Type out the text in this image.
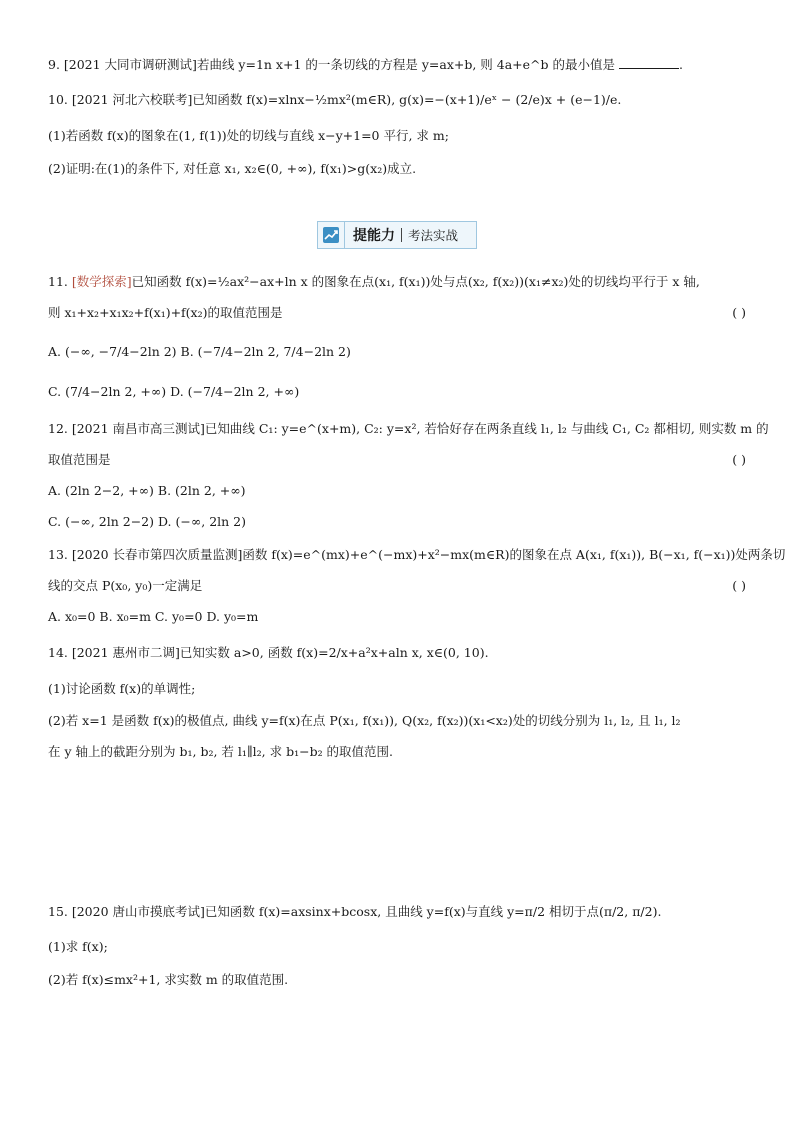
9. [2021 大同市调研测试]若曲线 y=1n x+1 的一条切线的方程是 y=ax+b, 则 4a+e^b 的最小值是	.
10. [2021 河北六校联考]已知函数 f(x)=xlnx−½mx²(m∈R), g(x)=−(x+1)/eˣ − (2/e)x + (e−1)/e.
(1)若函数 f(x)的图象在(1, f(1))处的切线与直线 x−y+1=0 平行, 求 m;
(2)证明:在(1)的条件下, 对任意 x₁, x₂∈(0, +∞), f(x₁)>g(x₂)成立.
提能力	考法实战
11. [数学探索]已知函数 f(x)=½ax²−ax+ln x 的图象在点(x₁, f(x₁))处与点(x₂, f(x₂))(x₁≠x₂)处的切线均平行于 x 轴,
则 x₁+x₂+x₁x₂+f(x₁)+f(x₂)的取值范围是	( )
A. (−∞, −7/4−2ln 2) B. (−7/4−2ln 2, 7/4−2ln 2)
C. (7/4−2ln 2, +∞) D. (−7/4−2ln 2, +∞)
12. [2021 南昌市高三测试]已知曲线 C₁: y=e^(x+m), C₂: y=x², 若恰好存在两条直线 l₁, l₂ 与曲线 C₁, C₂ 都相切, 则实数 m 的
取值范围是	( )
A. (2ln 2−2, +∞) B. (2ln 2, +∞)
C. (−∞, 2ln 2−2) D. (−∞, 2ln 2)
13. [2020 长春市第四次质量监测]函数 f(x)=e^(mx)+e^(−mx)+x²−mx(m∈R)的图象在点 A(x₁, f(x₁)), B(−x₁, f(−x₁))处两条切
线的交点 P(x₀, y₀)一定满足	( )
A. x₀=0 B. x₀=m C. y₀=0 D. y₀=m
14. [2021 惠州市二调]已知实数 a>0, 函数 f(x)=2/x+a²x+aln x, x∈(0, 10).
(1)讨论函数 f(x)的单调性;
(2)若 x=1 是函数 f(x)的极值点, 曲线 y=f(x)在点 P(x₁, f(x₁)), Q(x₂, f(x₂))(x₁<x₂)处的切线分别为 l₁, l₂, 且 l₁, l₂
在 y 轴上的截距分别为 b₁, b₂, 若 l₁∥l₂, 求 b₁−b₂ 的取值范围.
15. [2020 唐山市摸底考试]已知函数 f(x)=axsinx+bcosx, 且曲线 y=f(x)与直线 y=π/2 相切于点(π/2, π/2).
(1)求 f(x);
(2)若 f(x)≤mx²+1, 求实数 m 的取值范围.
